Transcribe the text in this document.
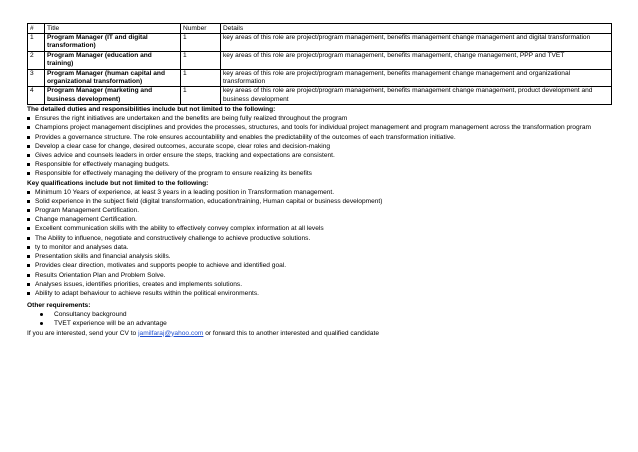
#	Title	Number	Details
1	Program Manager (IT and digital transformation)	1	key areas of this role are project/program management, benefits management change management and digital transformation
2	Program Manager (education and training)	1	key areas of this role are project/program management, benefits management, change management, PPP and TVET
3	Program Manager (human capital and organizational transformation)	1	key areas of this role are project/program management, benefits management change management and organizational transformation
4	Program Manager (marketing and business development)	1	key areas of this role are project/program management, benefits management change management, product development and business development
The detailed duties and responsibilities include but not limited to the following:
Ensures the right initiatives are undertaken and the benefits are being fully realized throughout the program
Champions project management disciplines and provides the processes, structures, and tools for individual project management and program management across the transformation program
Provides a governance structure. The role ensures accountability and enables the predictability of the outcomes of each transformation initiative.
Develop a clear case for change, desired outcomes, accurate scope, clear roles and decision-making
Gives advice and counsels leaders in order ensure the steps, tracking and expectations are consistent.
Responsible for effectively managing budgets.
Responsible for effectively managing the delivery of the program to ensure realizing its benefits
Key qualifications include but not limited to the following:
Minimum 10 Years of experience, at least 3 years in a leading position in Transformation management.
Solid experience in the subject field (digital transformation, education/training, Human capital or business development)
Program Management Certification.
Change management Certification.
Excellent communication skills with the ability to effectively convey complex information at all levels
The Ability to influence, negotiate and constructively challenge to achieve productive solutions.
ty to monitor and analyses data.
Presentation skills and financial analysis skills.
Provides clear direction, motivates and supports people to achieve and identified goal.
Results Orientation Plan and Problem Solve.
Analyses issues, identifies priorities, creates and implements solutions.
Ability to adapt behaviour to achieve results within the political environments.
Other requirements:
Consultancy background
TVET experience will be an advantage
If you are interested, send your CV to jamilfaraj@yahoo.com or forward this to another interested and qualified candidate
